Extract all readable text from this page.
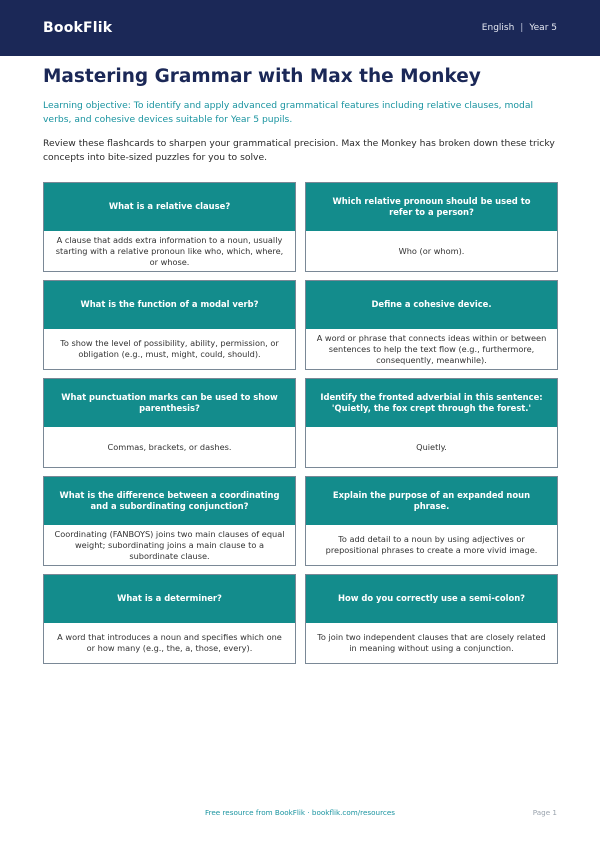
BookFlik	English | Year 5
Mastering Grammar with Max the Monkey

Learning objective: To identify and apply advanced grammatical features including relative clauses, modal verbs, and cohesive devices suitable for Year 5 pupils.

Review these flashcards to sharpen your grammatical precision. Max the Monkey has broken down these tricky concepts into bite-sized puzzles for you to solve.

What is a relative clause?
A clause that adds extra information to a noun, usually starting with a relative pronoun like who, which, where, or whose.
Which relative pronoun should be used to refer to a person?
Who (or whom).
What is the function of a modal verb?
To show the level of possibility, ability, permission, or obligation (e.g., must, might, could, should).
Define a cohesive device.
A word or phrase that connects ideas within or between sentences to help the text flow (e.g., furthermore, consequently, meanwhile).
What punctuation marks can be used to show parenthesis?
Commas, brackets, or dashes.
Identify the fronted adverbial in this sentence: 'Quietly, the fox crept through the forest.'
Quietly.
What is the difference between a coordinating and a subordinating conjunction?
Coordinating (FANBOYS) joins two main clauses of equal weight; subordinating joins a main clause to a subordinate clause.
Explain the purpose of an expanded noun phrase.
To add detail to a noun by using adjectives or prepositional phrases to create a more vivid image.
What is a determiner?
A word that introduces a noun and specifies which one or how many (e.g., the, a, those, every).
How do you correctly use a semi-colon?
To join two independent clauses that are closely related in meaning without using a conjunction.
Free resource from BookFlik · bookflik.com/resources	Page 1
